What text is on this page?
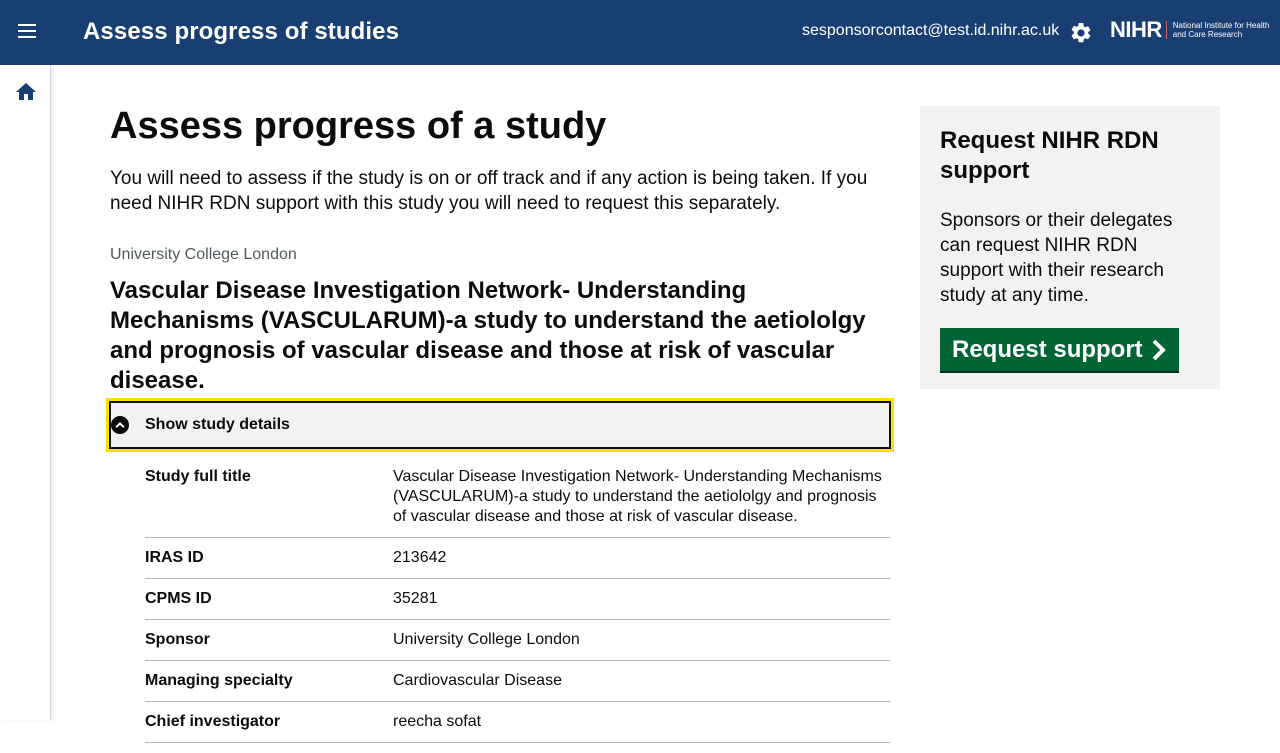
Assess progress of studies	sesponsorcontact@test.id.nihr.ac.uk NIHR National Institute for Health and Care Research
Assess progress of a study

You will need to assess if the study is on or off track and if any action is being taken. If you need NIHR RDN support with this study you will need to request this separately.

University College London

Vascular Disease Investigation Network- Understanding Mechanisms (VASCULARUM)-a study to understand the aetiololgy and prognosis of vascular disease and those at risk of vascular disease.
Show study details
Study full title	Vascular Disease Investigation Network- Understanding Mechanisms (VASCULARUM)-a study to understand the aetiololgy and prognosis of vascular disease and those at risk of vascular disease.
IRAS ID	213642
CPMS ID	35281
Sponsor	University College London
Managing specialty	Cardiovascular Disease
Chief investigator	reecha sofat
Request NIHR RDN support

Sponsors or their delegates can request NIHR RDN support with their research study at any time.

Request support
